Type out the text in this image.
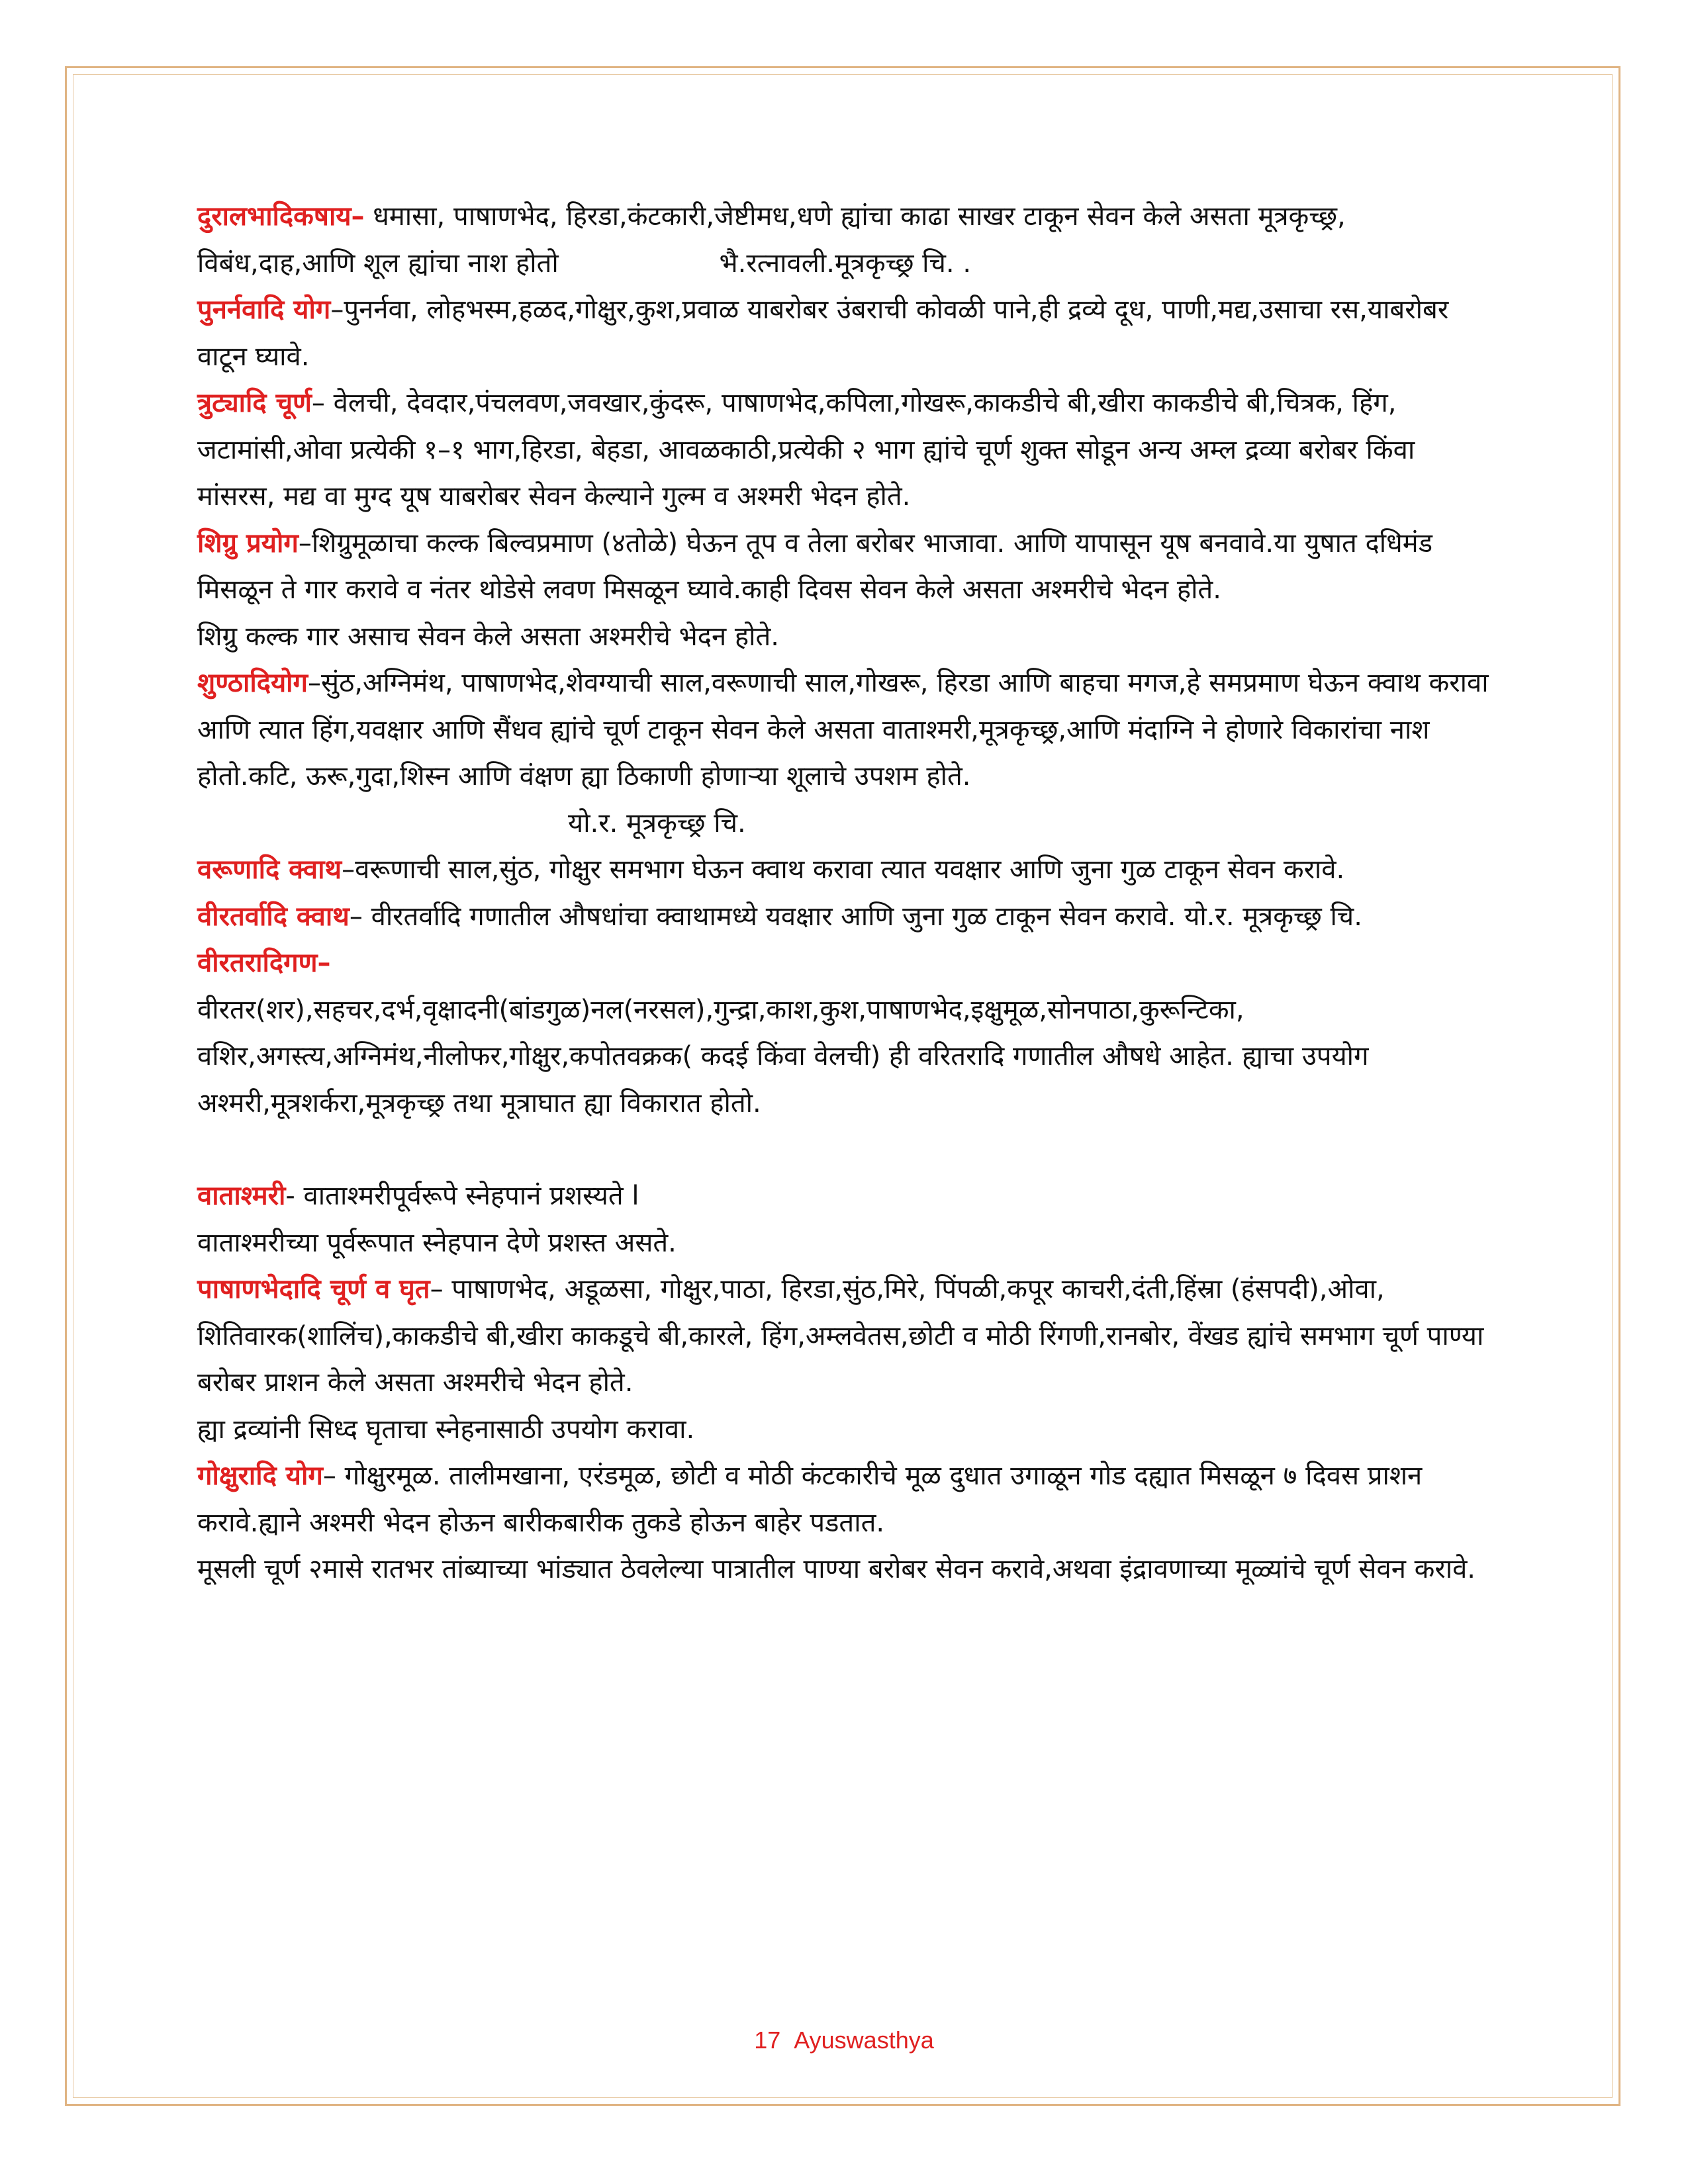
दुरालभादिकषाय– धमासा, पाषाणभेद, हिरडा,कंटकारी,जेष्टीमध,धणे ह्यांचा काढा साखर टाकून सेवन केले असता मूत्रकृच्छ्र, विबंध,दाह,आणि शूल ह्यांचा नाश होतो	भै.रत्नावली.मूत्रकृच्छ्र चि. .

पुनर्नवादि योग–पुनर्नवा, लोहभस्म,हळद,गोक्षुर,कुश,प्रवाळ याबरोबर उंबराची कोवळी पाने,ही द्रव्ये दूध, पाणी,मद्य,उसाचा रस,याबरोबर वाटून घ्यावे.

त्रुट्यादि चूर्ण– वेलची, देवदार,पंचलवण,जवखार,कुंदरू, पाषाणभेद,कपिला,गोखरू,काकडीचे बी,खीरा काकडीचे बी,चित्रक, हिंग, जटामांसी,ओवा प्रत्येकी १–१ भाग,हिरडा, बेहडा, आवळकाठी,प्रत्येकी २ भाग ह्यांचे चूर्ण शुक्त सोडून अन्य अम्ल द्रव्या बरोबर किंवा मांसरस, मद्य वा मुग्द यूष याबरोबर सेवन केल्याने गुल्म व अश्मरी भेदन होते.

शिग्रु प्रयोग–शिग्रुमूळाचा कल्क बिल्वप्रमाण (४तोळे) घेऊन तूप व तेला बरोबर भाजावा. आणि यापासून यूष बनवावे.या युषात दधिमंड मिसळून ते गार करावे व नंतर थोडेसे लवण मिसळून घ्यावे.काही दिवस सेवन केले असता अश्मरीचे भेदन होते.

शिग्रु कल्क गार असाच सेवन केले असता अश्मरीचे भेदन होते.

शुण्ठादियोग–सुंठ,अग्निमंथ, पाषाणभेद,शेवग्याची साल,वरूणाची साल,गोखरू, हिरडा आणि बाहचा मगज,हे समप्रमाण घेऊन क्वाथ करावा आणि त्यात हिंग,यवक्षार आणि सैंधव ह्यांचे चूर्ण टाकून सेवन केले असता वाताश्मरी,मूत्रकृच्छ्र,आणि मंदाग्नि ने होणारे विकारांचा नाश होतो.कटि, ऊरू,गुदा,शिस्न आणि वंक्षण ह्या ठिकाणी होणाऱ्या शूलाचे उपशम होते. यो.र. मूत्रकृच्छ्र चि.

वरूणादि क्वाथ–वरूणाची साल,सुंठ, गोक्षुर समभाग घेऊन क्वाथ करावा त्यात यवक्षार आणि जुना गुळ टाकून सेवन करावे.

वीरतर्वादि क्वाथ– वीरतर्वादि गणातील औषधांचा क्वाथामध्ये यवक्षार आणि जुना गुळ टाकून सेवन करावे. यो.र. मूत्रकृच्छ्र चि.

वीरतरादिगण–

वीरतर(शर),सहचर,दर्भ,वृक्षादनी(बांडगुळ)नल(नरसल),गुन्द्रा,काश,कुश,पाषाणभेद,इक्षुमूळ,सोनपाठा,कुरून्टिका, वशिर,अगस्त्य,अग्निमंथ,नीलोफर,गोक्षुर,कपोतवक्रक( कदई किंवा वेलची) ही वरितरादि गणातील औषधे आहेत. ह्याचा उपयोग अश्मरी,मूत्रशर्करा,मूत्रकृच्छ्र तथा मूत्राघात ह्या विकारात होतो.

वाताश्मरी- वाताश्मरीपूर्वरूपे स्नेहपानं प्रशस्यते l

वाताश्मरीच्या पूर्वरूपात स्नेहपान देणे प्रशस्त असते.

पाषाणभेदादि चूर्ण व घृत– पाषाणभेद, अडूळसा, गोक्षुर,पाठा, हिरडा,सुंठ,मिरे, पिंपळी,कपूर काचरी,दंती,हिंस्रा (हंसपदी),ओवा, शितिवारक(शालिंच),काकडीचे बी,खीरा काकडूचे बी,कारले, हिंग,अम्लवेतस,छोटी व मोठी रिंगणी,रानबोर, वेंखड ह्यांचे समभाग चूर्ण पाण्या बरोबर प्राशन केले असता अश्मरीचे भेदन होते.

ह्या द्रव्यांनी सिध्द घृताचा स्नेहनासाठी उपयोग करावा.

गोक्षुरादि योग– गोक्षुरमूळ. तालीमखाना, एरंडमूळ, छोटी व मोठी कंटकारीचे मूळ दुधात उगाळून गोड दह्यात मिसळून ७ दिवस प्राशन करावे.ह्याने अश्मरी भेदन होऊन बारीकबारीक तुकडे होऊन बाहेर पडतात.

मूसली चूर्ण २मासे रातभर तांब्याच्या भांड्यात ठेवलेल्या पात्रातील पाण्या बरोबर सेवन करावे,अथवा इंद्रावणाच्या मूळ्यांचे चूर्ण सेवन करावे.

17 Ayuswasthya
